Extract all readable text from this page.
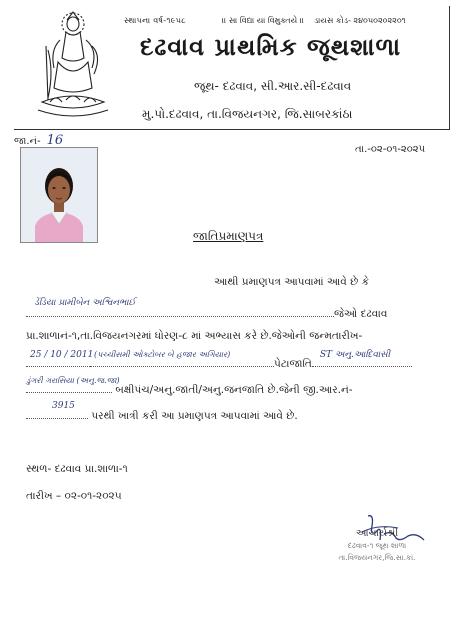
સ્થાપના વર્ષ-૧૯૫૮	।। સા વિદ્યા યા વિમુક્તયે ।। ડાયસ કોડ- ૨૪૦૫૦૨૦૨૨૦૧
દઢવાવ પ્રાથમિક જૂથશાળા
જૂથ- દઢવાવ, સી.આર.સી-દઢવાવ
મુ.પો.દઢવાવ, તા.વિજયનગર, જિ.સાબરકાંઠા
જા.નં- 16
તા.-૦૨-૦૧-૨૦૨૫
જાતિપ્રમાણપત્ર
આથી પ્રમાણપત્ર આપવામાં આવે છે કે
ડેંડિયા પ્રામીબેન અશ્વિનભાઈ
જેઓ દઢવાવ
પ્રા.શાળાનં-૧,તા.વિજયનગરમાં ધોરણ-૮ માં અભ્યાસ કરે છે.જેઓની જન્મતારીખ-
25 / 10 / 2011 (પચ્ચીસમી ઓક્ટોબર બે હજાર અગિયાર)
પેટાજાતિ
ST અનુ.આદિવાસી
ડુંગરી ગરાસિયા (અનુ.જ.જા)
બક્ષીપંચ/અનુ.જાતી/અનુ.જનજાતિ છે.જેની જી.આર.નં-
3915
પરથી ખાત્રી કરી આ પ્રમાણપત્ર આપવામાં આવે છે.
સ્થળ- દઢવાવ પ્રા.શાળા-૧
તારીખ – ૦૨-૦૧-૨૦૨૫
આચાર્યશ્રી
દઢવાવ-૧ જૂથ શાળા
તા.વિજયનગર,જિ.સા.કાં.
